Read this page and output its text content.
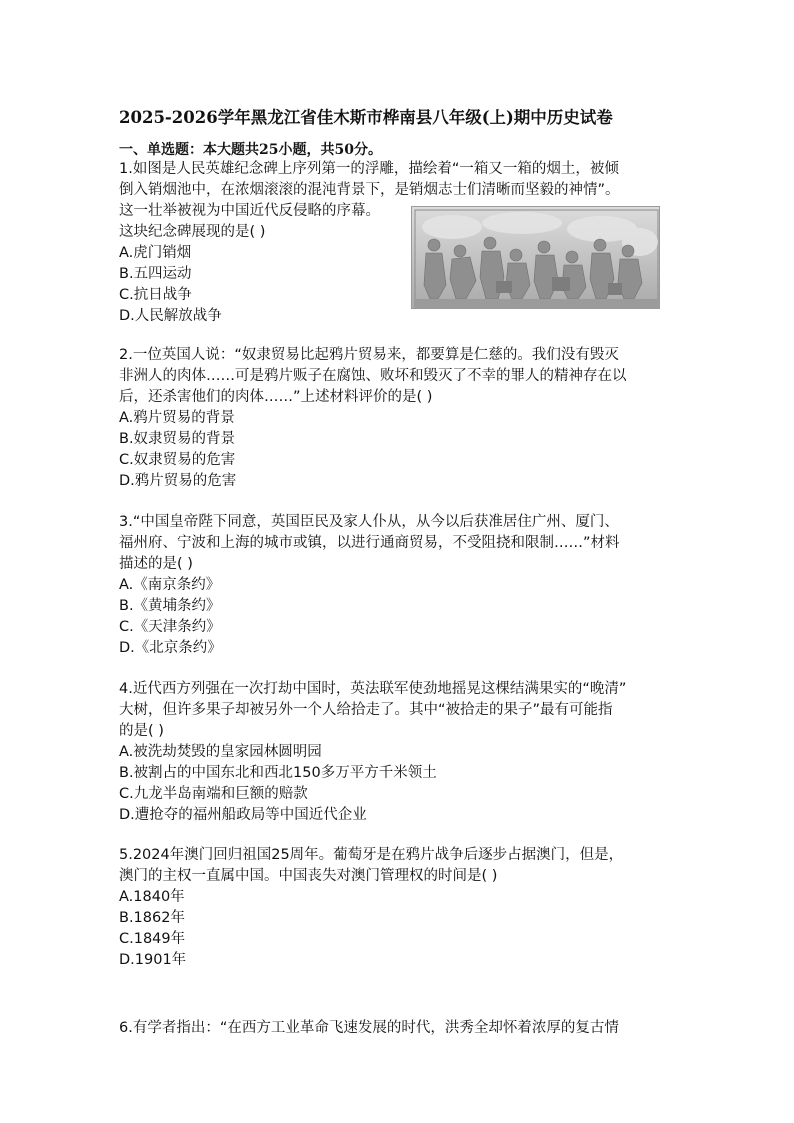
2025-2026学年黑龙江省佳木斯市桦南县八年级(上)期中历史试卷
一、单选题：本大题共25小题，共50分。
1.如图是人民英雄纪念碑上序列第一的浮雕，描绘着“一箱又一箱的烟土，被倾
倒入销烟池中，在浓烟滚滚的混沌背景下，是销烟志士们清晰而坚毅的神情”。
这一壮举被视为中国近代反侵略的序幕。
这块纪念碑展现的是( )
A.虎门销烟
B.五四运动
C.抗日战争
D.人民解放战争
2.一位英国人说：“奴隶贸易比起鸦片贸易来，都要算是仁慈的。我们没有毁灭
非洲人的肉体……可是鸦片贩子在腐蚀、败坏和毁灭了不幸的罪人的精神存在以
后，还杀害他们的肉体……”上述材料评价的是( )
A.鸦片贸易的背景
B.奴隶贸易的背景
C.奴隶贸易的危害
D.鸦片贸易的危害
3.“中国皇帝陛下同意，英国臣民及家人仆从，从今以后获准居住广州、厦门、
福州府、宁波和上海的城市或镇，以进行通商贸易，不受阻挠和限制……”材料
描述的是( )
A.《南京条约》
B.《黄埔条约》
C.《天津条约》
D.《北京条约》
4.近代西方列强在一次打劫中国时，英法联军使劲地摇晃这棵结满果实的“晚清”
大树，但许多果子却被另外一个人给拾走了。其中“被拾走的果子”最有可能指
的是( )
A.被洗劫焚毁的皇家园林圆明园
B.被割占的中国东北和西北150多万平方千米领土
C.九龙半岛南端和巨额的赔款
D.遭抢夺的福州船政局等中国近代企业
5.2024年澳门回归祖国25周年。葡萄牙是在鸦片战争后逐步占据澳门，但是，
澳门的主权一直属中国。中国丧失对澳门管理权的时间是( )
A.1840年
B.1862年
C.1849年
D.1901年
6.有学者指出：“在西方工业革命飞速发展的时代，洪秀全却怀着浓厚的复古情
